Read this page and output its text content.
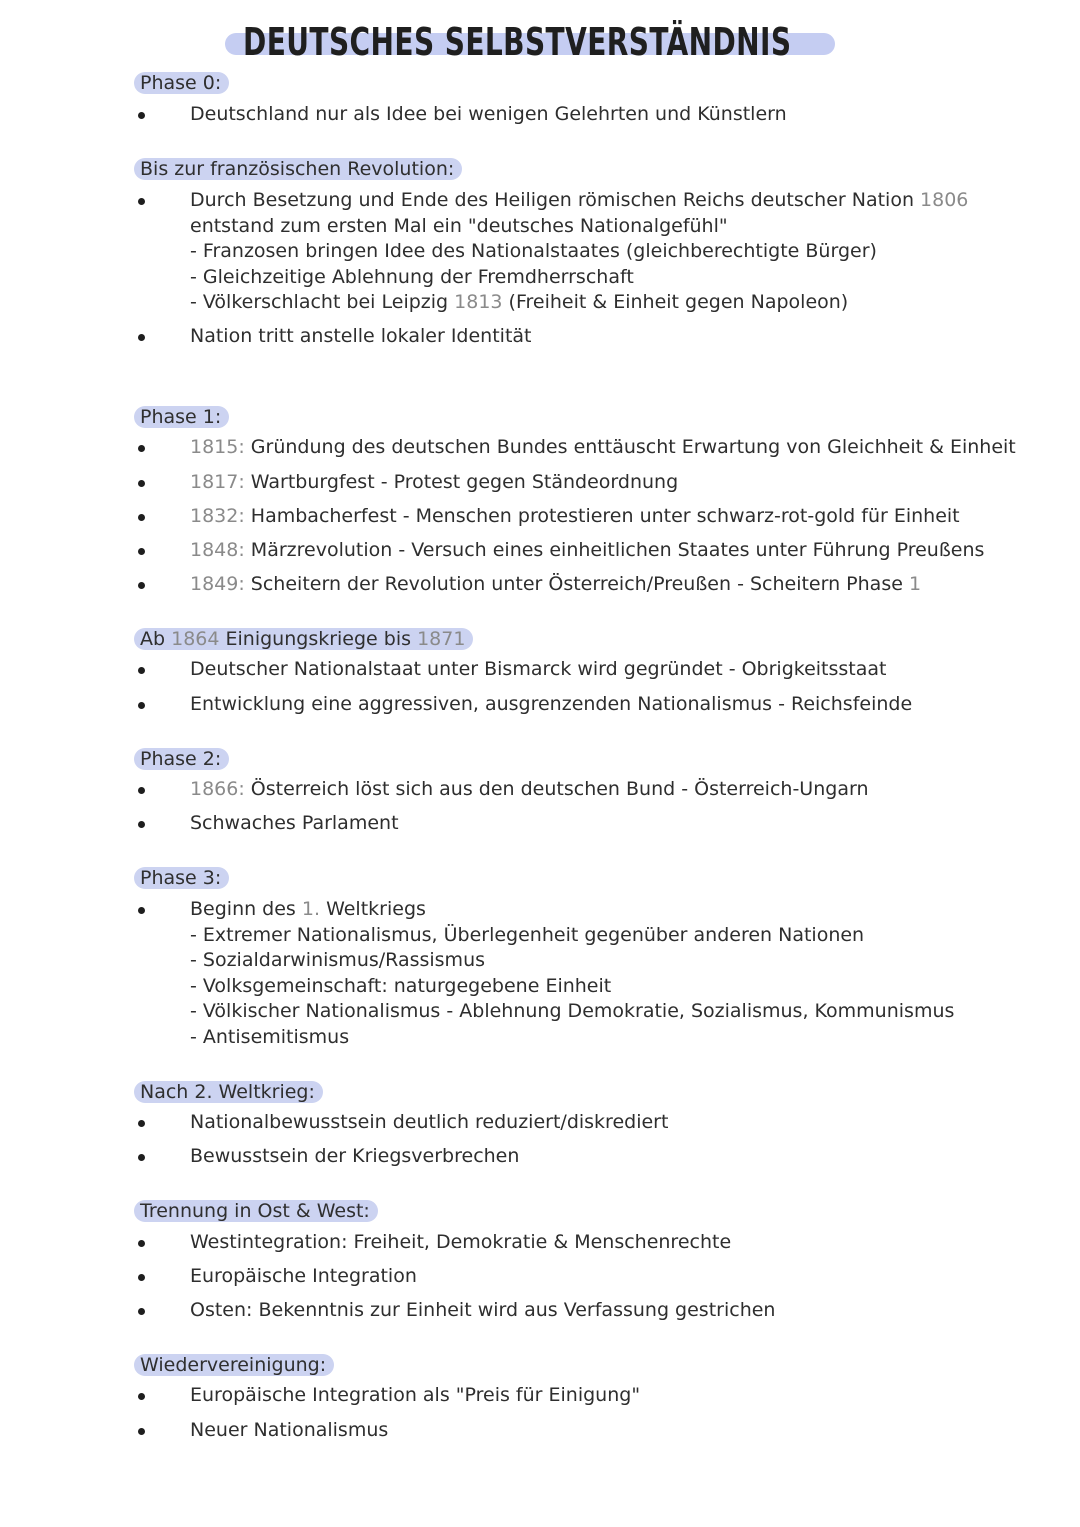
DEUTSCHES SELBSTVERSTÄNDNIS
Phase 0:
Deutschland nur als Idee bei wenigen Gelehrten und Künstlern
Bis zur französischen Revolution:
Durch Besetzung und Ende des Heiligen römischen Reichs deutscher Nation 1806
entstand zum ersten Mal ein "deutsches Nationalgefühl"
- Franzosen bringen Idee des Nationalstaates (gleichberechtigte Bürger)
- Gleichzeitige Ablehnung der Fremdherrschaft
- Völkerschlacht bei Leipzig 1813 (Freiheit & Einheit gegen Napoleon)
Nation tritt anstelle lokaler Identität
Phase 1:
1815: Gründung des deutschen Bundes enttäuscht Erwartung von Gleichheit & Einheit
1817: Wartburgfest - Protest gegen Ständeordnung
1832: Hambacherfest - Menschen protestieren unter schwarz-rot-gold für Einheit
1848: Märzrevolution - Versuch eines einheitlichen Staates unter Führung Preußens
1849: Scheitern der Revolution unter Österreich/Preußen - Scheitern Phase 1
Ab 1864 Einigungskriege bis 1871
Deutscher Nationalstaat unter Bismarck wird gegründet - Obrigkeitsstaat
Entwicklung eine aggressiven, ausgrenzenden Nationalismus - Reichsfeinde
Phase 2:
1866: Österreich löst sich aus den deutschen Bund - Österreich-Ungarn
Schwaches Parlament
Phase 3:
Beginn des 1. Weltkriegs
- Extremer Nationalismus, Überlegenheit gegenüber anderen Nationen
- Sozialdarwinismus/Rassismus
- Volksgemeinschaft: naturgegebene Einheit
- Völkischer Nationalismus - Ablehnung Demokratie, Sozialismus, Kommunismus
- Antisemitismus
Nach 2. Weltkrieg:
Nationalbewusstsein deutlich reduziert/diskrediert
Bewusstsein der Kriegsverbrechen
Trennung in Ost & West:
Westintegration: Freiheit, Demokratie & Menschenrechte
Europäische Integration
Osten: Bekenntnis zur Einheit wird aus Verfassung gestrichen
Wiedervereinigung:
Europäische Integration als "Preis für Einigung"
Neuer Nationalismus
